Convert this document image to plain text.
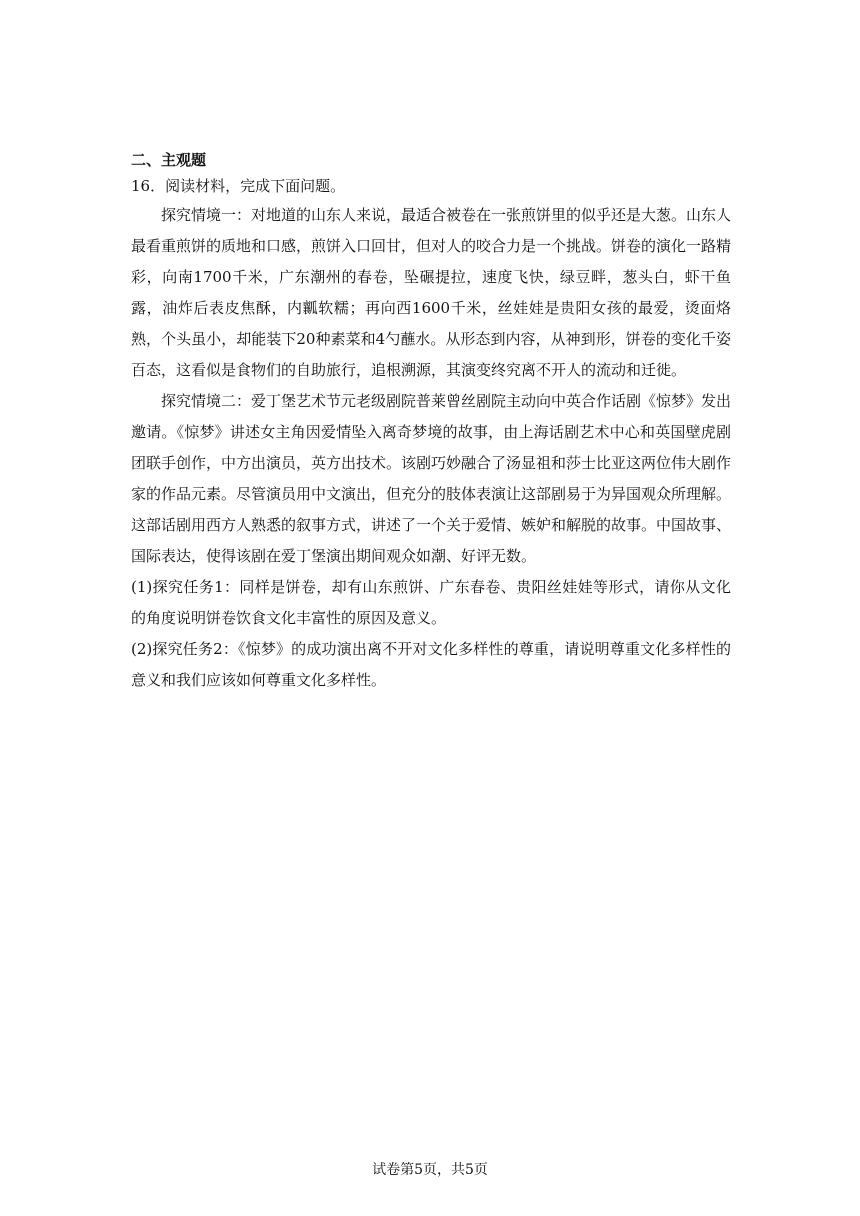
二、主观题

16．阅读材料，完成下面问题。

探究情境一：对地道的山东人来说，最适合被卷在一张煎饼里的似乎还是大葱。山东人最看重煎饼的质地和口感，煎饼入口回甘，但对人的咬合力是一个挑战。饼卷的演化一路精彩，向南1700千米，广东潮州的春卷，坠碾提拉，速度飞快，绿豆畔，葱头白，虾干鱼露，油炸后表皮焦酥，内瓤软糯；再向西1600千米，丝娃娃是贵阳女孩的最爱，烫面烙熟，个头虽小，却能装下20种素菜和4勺蘸水。从形态到内容，从神到形，饼卷的变化千姿百态，这看似是食物们的自助旅行，追根溯源，其演变终究离不开人的流动和迁徙。

探究情境二：爱丁堡艺术节元老级剧院普莱曾丝剧院主动向中英合作话剧《惊梦》发出邀请。《惊梦》讲述女主角因爱情坠入离奇梦境的故事，由上海话剧艺术中心和英国壁虎剧团联手创作，中方出演员，英方出技术。该剧巧妙融合了汤显祖和莎士比亚这两位伟大剧作家的作品元素。尽管演员用中文演出，但充分的肢体表演让这部剧易于为异国观众所理解。这部话剧用西方人熟悉的叙事方式，讲述了一个关于爱情、嫉妒和解脱的故事。中国故事、国际表达，使得该剧在爱丁堡演出期间观众如潮、好评无数。

(1)探究任务1：同样是饼卷，却有山东煎饼、广东春卷、贵阳丝娃娃等形式，请你从文化的角度说明饼卷饮食文化丰富性的原因及意义。

(2)探究任务2：《惊梦》的成功演出离不开对文化多样性的尊重，请说明尊重文化多样性的意义和我们应该如何尊重文化多样性。

试卷第5页，共5页
